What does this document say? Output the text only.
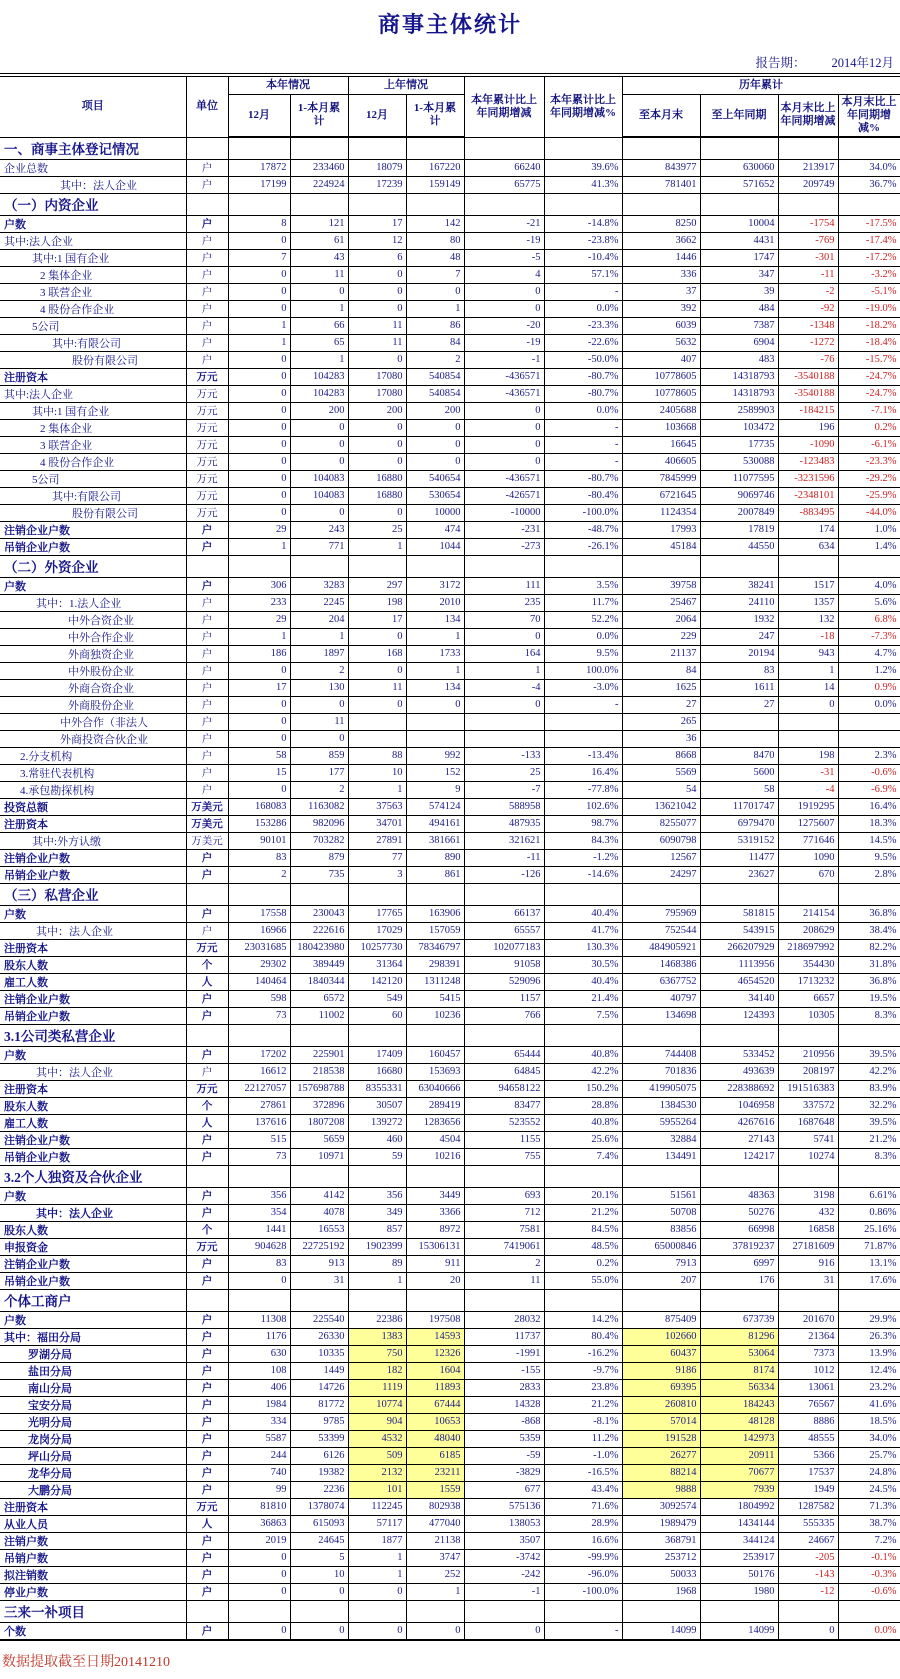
商事主体统计
报告期： 2014年12月
项目	单位	本年情况		上年情况		本年累计比上年同期增减	本年累计比上年同期增减%	历年累计			
		12月	1-本月累计	12月	1-本月累计			至本月末	至上年同期	本月末比上年同期增减	本月末比上年同期增减%
一、商事主体登记情况											
企业总数	户	17872	233460	18079	167220	66240	39.6%	843977	630060	213917	34.0%
其中：法人企业	户	17199	224924	17239	159149	65775	41.3%	781401	571652	209749	36.7%
（一）内资企业											
户数	户	8	121	17	142	-21	-14.8%	8250	10004	-1754	-17.5%
其中:法人企业	户	0	61	12	80	-19	-23.8%	3662	4431	-769	-17.4%
其中:1 国有企业	户	7	43	6	48	-5	-10.4%	1446	1747	-301	-17.2%
2 集体企业	户	0	11	0	7	4	57.1%	336	347	-11	-3.2%
3 联营企业	户	0	0	0	0	0	-	37	39	-2	-5.1%
4 股份合作企业	户	0	1	0	1	0	0.0%	392	484	-92	-19.0%
5公司	户	1	66	11	86	-20	-23.3%	6039	7387	-1348	-18.2%
其中:有限公司	户	1	65	11	84	-19	-22.6%	5632	6904	-1272	-18.4%
股份有限公司	户	0	1	0	2	-1	-50.0%	407	483	-76	-15.7%
注册资本	万元	0	104283	17080	540854	-436571	-80.7%	10778605	14318793	-3540188	-24.7%
其中:法人企业	万元	0	104283	17080	540854	-436571	-80.7%	10778605	14318793	-3540188	-24.7%
其中:1 国有企业	万元	0	200	200	200	0	0.0%	2405688	2589903	-184215	-7.1%
2 集体企业	万元	0	0	0	0	0	-	103668	103472	196	0.2%
3 联营企业	万元	0	0	0	0	0	-	16645	17735	-1090	-6.1%
4 股份合作企业	万元	0	0	0	0	0	-	406605	530088	-123483	-23.3%
5公司	万元	0	104083	16880	540654	-436571	-80.7%	7845999	11077595	-3231596	-29.2%
其中:有限公司	万元	0	104083	16880	530654	-426571	-80.4%	6721645	9069746	-2348101	-25.9%
股份有限公司	万元	0	0	0	10000	-10000	-100.0%	1124354	2007849	-883495	-44.0%
注销企业户数	户	29	243	25	474	-231	-48.7%	17993	17819	174	1.0%
吊销企业户数	户	1	771	1	1044	-273	-26.1%	45184	44550	634	1.4%
（二）外资企业											
户数	户	306	3283	297	3172	111	3.5%	39758	38241	1517	4.0%
其中：1.法人企业	户	233	2245	198	2010	235	11.7%	25467	24110	1357	5.6%
中外合资企业	户	29	204	17	134	70	52.2%	2064	1932	132	6.8%
中外合作企业	户	1	1	0	1	0	0.0%	229	247	-18	-7.3%
外商独资企业	户	186	1897	168	1733	164	9.5%	21137	20194	943	4.7%
中外股份企业	户	0	2	0	1	1	100.0%	84	83	1	1.2%
外商合资企业	户	17	130	11	134	-4	-3.0%	1625	1611	14	0.9%
外商股份企业	户	0	0	0	0	0	-	27	27	0	0.0%
中外合作（非法人	户	0	11					265			
外商投资合伙企业	户	0	0					36			
2.分支机构	户	58	859	88	992	-133	-13.4%	8668	8470	198	2.3%
3.常驻代表机构	户	15	177	10	152	25	16.4%	5569	5600	-31	-0.6%
4.承包勘探机构	户	0	2	1	9	-7	-77.8%	54	58	-4	-6.9%
投资总额	万美元	168083	1163082	37563	574124	588958	102.6%	13621042	11701747	1919295	16.4%
注册资本	万美元	153286	982096	34701	494161	487935	98.7%	8255077	6979470	1275607	18.3%
其中:外方认缴	万美元	90101	703282	27891	381661	321621	84.3%	6090798	5319152	771646	14.5%
注销企业户数	户	83	879	77	890	-11	-1.2%	12567	11477	1090	9.5%
吊销企业户数	户	2	735	3	861	-126	-14.6%	24297	23627	670	2.8%
（三）私营企业											
户数	户	17558	230043	17765	163906	66137	40.4%	795969	581815	214154	36.8%
其中：法人企业	户	16966	222616	17029	157059	65557	41.7%	752544	543915	208629	38.4%
注册资本	万元	23031685	180423980	10257730	78346797	102077183	130.3%	484905921	266207929	218697992	82.2%
股东人数	个	29302	389449	31364	298391	91058	30.5%	1468386	1113956	354430	31.8%
雇工人数	人	140464	1840344	142120	1311248	529096	40.4%	6367752	4654520	1713232	36.8%
注销企业户数	户	598	6572	549	5415	1157	21.4%	40797	34140	6657	19.5%
吊销企业户数	户	73	11002	60	10236	766	7.5%	134698	124393	10305	8.3%
3.1公司类私营企业											
户数	户	17202	225901	17409	160457	65444	40.8%	744408	533452	210956	39.5%
其中：法人企业	户	16612	218538	16680	153693	64845	42.2%	701836	493639	208197	42.2%
注册资本	万元	22127057	157698788	8355331	63040666	94658122	150.2%	419905075	228388692	191516383	83.9%
股东人数	个	27861	372896	30507	289419	83477	28.8%	1384530	1046958	337572	32.2%
雇工人数	人	137616	1807208	139272	1283656	523552	40.8%	5955264	4267616	1687648	39.5%
注销企业户数	户	515	5659	460	4504	1155	25.6%	32884	27143	5741	21.2%
吊销企业户数	户	73	10971	59	10216	755	7.4%	134491	124217	10274	8.3%
3.2个人独资及合伙企业											
户数	户	356	4142	356	3449	693	20.1%	51561	48363	3198	6.61%
其中：法人企业	户	354	4078	349	3366	712	21.2%	50708	50276	432	0.86%
股东人数	个	1441	16553	857	8972	7581	84.5%	83856	66998	16858	25.16%
申报资金	万元	904628	22725192	1902399	15306131	7419061	48.5%	65000846	37819237	27181609	71.87%
注销企业户数	户	83	913	89	911	2	0.2%	7913	6997	916	13.1%
吊销企业户数	户	0	31	1	20	11	55.0%	207	176	31	17.6%
个体工商户											
户数	户	11308	225540	22386	197508	28032	14.2%	875409	673739	201670	29.9%
其中：福田分局	户	1176	26330	1383	14593	11737	80.4%	102660	81296	21364	26.3%
罗湖分局	户	630	10335	750	12326	-1991	-16.2%	60437	53064	7373	13.9%
盐田分局	户	108	1449	182	1604	-155	-9.7%	9186	8174	1012	12.4%
南山分局	户	406	14726	1119	11893	2833	23.8%	69395	56334	13061	23.2%
宝安分局	户	1984	81772	10774	67444	14328	21.2%	260810	184243	76567	41.6%
光明分局	户	334	9785	904	10653	-868	-8.1%	57014	48128	8886	18.5%
龙岗分局	户	5587	53399	4532	48040	5359	11.2%	191528	142973	48555	34.0%
坪山分局	户	244	6126	509	6185	-59	-1.0%	26277	20911	5366	25.7%
龙华分局	户	740	19382	2132	23211	-3829	-16.5%	88214	70677	17537	24.8%
大鹏分局	户	99	2236	101	1559	677	43.4%	9888	7939	1949	24.5%
注册资本	万元	81810	1378074	112245	802938	575136	71.6%	3092574	1804992	1287582	71.3%
从业人员	人	36863	615093	57117	477040	138053	28.9%	1989479	1434144	555335	38.7%
注销户数	户	2019	24645	1877	21138	3507	16.6%	368791	344124	24667	7.2%
吊销户数	户	0	5	1	3747	-3742	-99.9%	253712	253917	-205	-0.1%
拟注销数	户	0	10	1	252	-242	-96.0%	50033	50176	-143	-0.3%
停业户数	户	0	0	0	1	-1	-100.0%	1968	1980	-12	-0.6%
三来一补项目											
个数	户	0	0	0	0	0	-	14099	14099	0	0.0%
数据提取截至日期20141210
